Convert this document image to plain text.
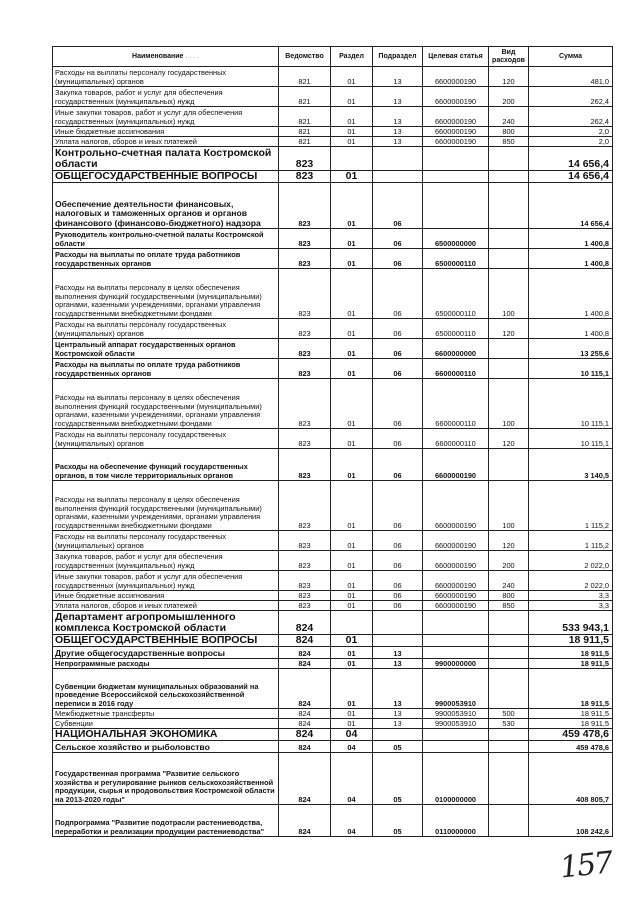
Наименование . . . .	Ведомство	Раздел	Подраздел	Целевая статья	Вид расходов	Сумма
Расходы на выплаты персоналу государственных (муниципальных) органов	821	01	13	6600000190	120	481,0
Закупка товаров, работ и услуг для обеспечения государственных (муниципальных) нужд	821	01	13	6600000190	200	262,4
Иные закупки товаров, работ и услуг для обеспечения государственных (муниципальных) нужд	821	01	13	6600000190	240	262,4
Иные бюджетные ассигнования	821	01	13	6600000190	800	2,0
Уплата налогов, сборов и иных платежей	821	01	13	6600000190	850	2,0
Контрольно-счетная палата Костромской области	823					14 656,4
ОБЩЕГОСУДАРСТВЕННЫЕ ВОПРОСЫ	823	01				14 656,4
Обеспечение деятельности финансовых, налоговых и таможенных органов и органов финансового (финансово-бюджетного) надзора	823	01	06			14 656,4
Руководитель контрольно-счетной палаты Костромской области	823	01	06	6500000000		1 400,8
Расходы на выплаты по оплате труда работников государственных органов	823	01	06	6500000110		1 400,8
Расходы на выплаты персоналу в целях обеспечения выполнения функций государственными (муниципальными) органами, казенными учреждениями, органами управления государственными внебюджетными фондами	823	01	06	6500000110	100	1 400,8
Расходы на выплаты персоналу государственных (муниципальных) органов	823	01	06	6500000110	120	1 400,8
Центральный аппарат государственных органов Костромской области	823	01	06	6600000000		13 255,6
Расходы на выплаты по оплате труда работников государственных органов	823	01	06	6600000110		10 115,1
Расходы на выплаты персоналу в целях обеспечения выполнения функций государственными (муниципальными) органами, казенными учреждениями, органами управления государственными внебюджетными фондами	823	01	06	6600000110	100	10 115,1
Расходы на выплаты персоналу государственных (муниципальных) органов	823	01	06	6600000110	120	10 115,1
Расходы на обеспечение функций государственных органов, в том числе территориальных органов	823	01	06	6600000190		3 140,5
Расходы на выплаты персоналу в целях обеспечения выполнения функций государственными (муниципальными) органами, казенными учреждениями, органами управления государственными внебюджетными фондами	823	01	06	6600000190	100	1 115,2
Расходы на выплаты персоналу государственных (муниципальных) органов	823	01	06	6600000190	120	1 115,2
Закупка товаров, работ и услуг для обеспечения государственных (муниципальных) нужд	823	01	06	6600000190	200	2 022,0
Иные закупки товаров, работ и услуг для обеспечения государственных (муниципальных) нужд	823	01	06	6600000190	240	2 022,0
Иные бюджетные ассигнования	823	01	06	6600000190	800	3,3
Уплата налогов, сборов и иных платежей	823	01	06	6600000190	850	3,3
Департамент агропромышленного комплекса Костромской области	824					533 943,1
ОБЩЕГОСУДАРСТВЕННЫЕ ВОПРОСЫ	824	01				18 911,5
Другие общегосударственные вопросы	824	01	13			18 911,5
Непрограммные расходы	824	01	13	9900000000		18 911,5
Субвенции бюджетам муниципальных образований на проведение Всероссийской сельскохозяйственной переписи в 2016 году	824	01	13	9900053910		18 911,5
Межбюджетные трансферты	824	01	13	9900053910	500	18 911,5
Субвенции	824	01	13	9900053910	530	18 911,5
НАЦИОНАЛЬНАЯ ЭКОНОМИКА	824	04				459 478,6
Сельское хозяйство и рыболовство	824	04	05			459 478,6
Государственная программа "Развитие сельского хозяйства и регулирование рынков сельскохозяйственной продукции, сырья и продовольствия Костромской области на 2013-2020 годы"	824	04	05	0100000000		408 805,7
Подпрограмма "Развитие подотрасли растениеводства, переработки и реализации продукции растениеводства"	824	04	05	0110000000		108 242,6
157
